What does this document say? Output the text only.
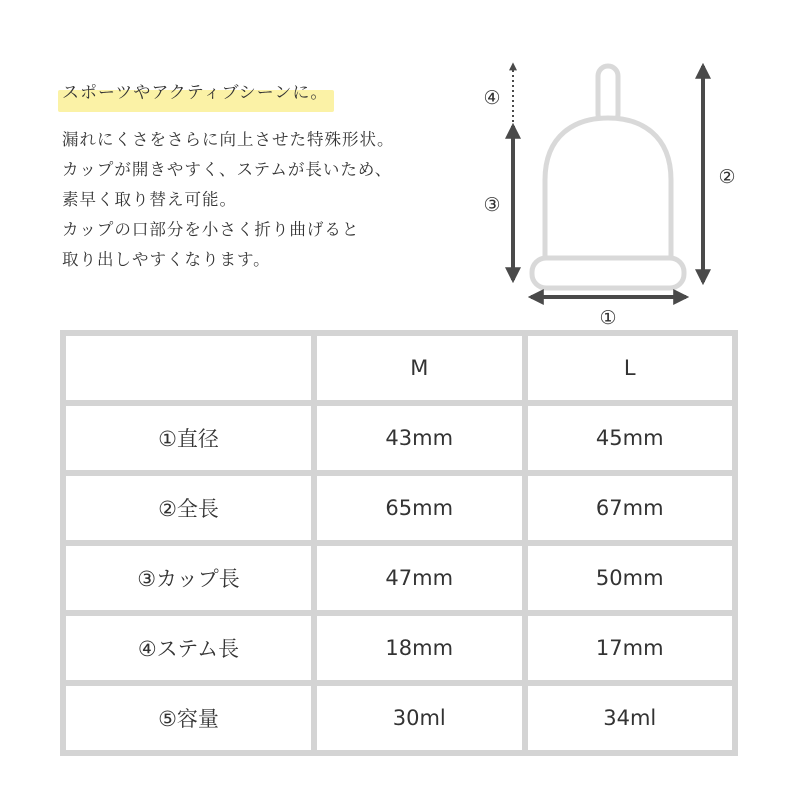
スポーツやアクティブシーンに。
漏れにくさをさらに向上させた特殊形状。
カップが開きやすく、ステムが長いため、
素早く取り替え可能。
カップの口部分を小さく折り曲げると
取り出しやすくなります。
④
③
②
①
	M	L
①直径	43mm	45mm
②全長	65mm	67mm
③カップ長	47mm	50mm
④ステム長	18mm	17mm
⑤容量	30ml	34ml
